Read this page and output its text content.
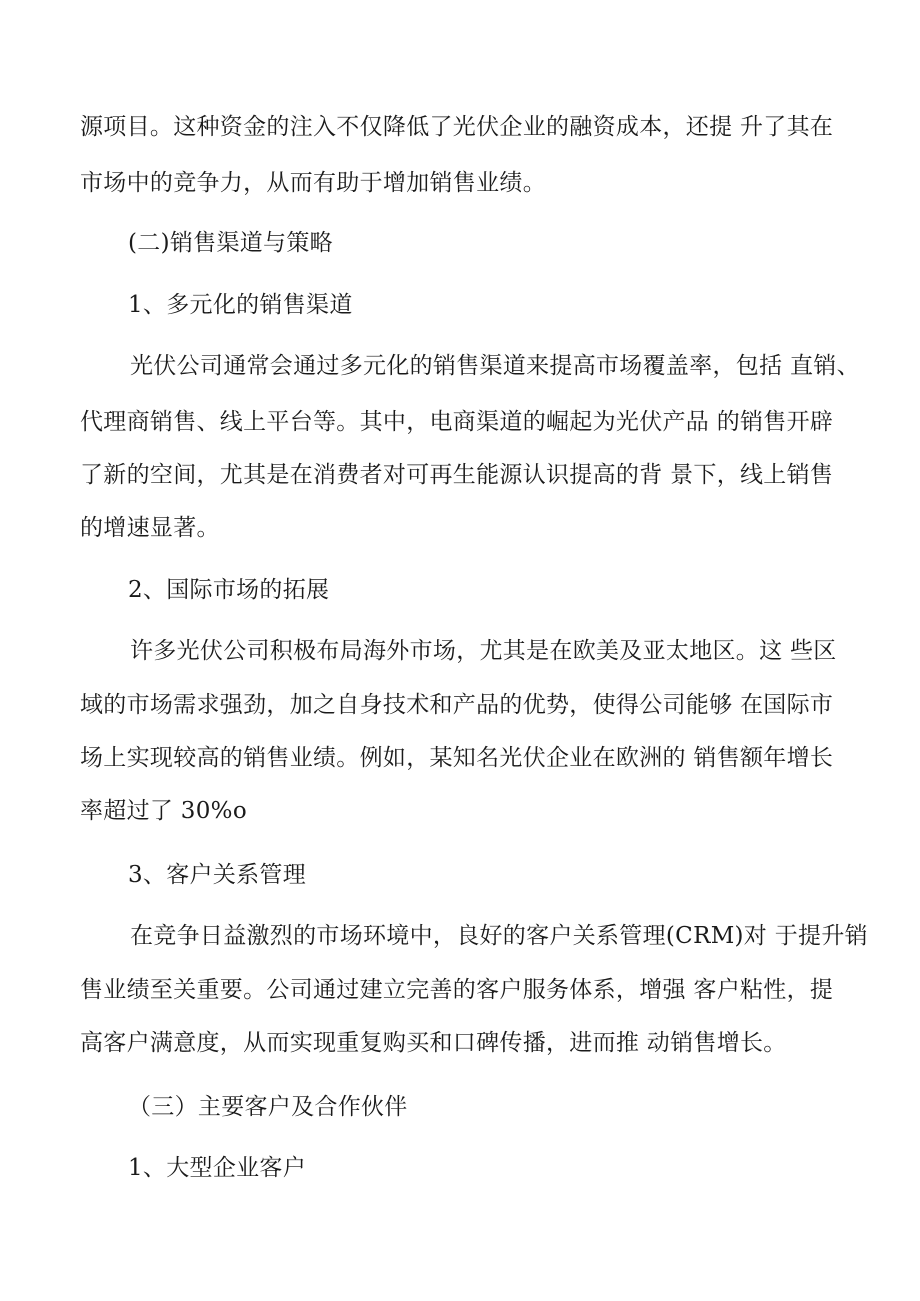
源项目。这种资金的注入不仅降低了光伏企业的融资成本，还提 升了其在
市场中的竞争力，从而有助于增加销售业绩。
(二)销售渠道与策略
1、多元化的销售渠道
光伏公司通常会通过多元化的销售渠道来提高市场覆盖率，包括 直销、
代理商销售、线上平台等。其中，电商渠道的崛起为光伏产品 的销售开辟
了新的空间，尤其是在消费者对可再生能源认识提高的背 景下，线上销售
的增速显著。
2、国际市场的拓展
许多光伏公司积极布局海外市场，尤其是在欧美及亚太地区。这 些区
域的市场需求强劲，加之自身技术和产品的优势，使得公司能够 在国际市
场上实现较高的销售业绩。例如，某知名光伏企业在欧洲的 销售额年增长
率超过了 30%o
3、客户关系管理
在竞争日益激烈的市场环境中，良好的客户关系管理(CRM)对 于提升销
售业绩至关重要。公司通过建立完善的客户服务体系，增强 客户粘性，提
高客户满意度，从而实现重复购买和口碑传播，进而推 动销售增长。
（三）主要客户及合作伙伴
1、大型企业客户
